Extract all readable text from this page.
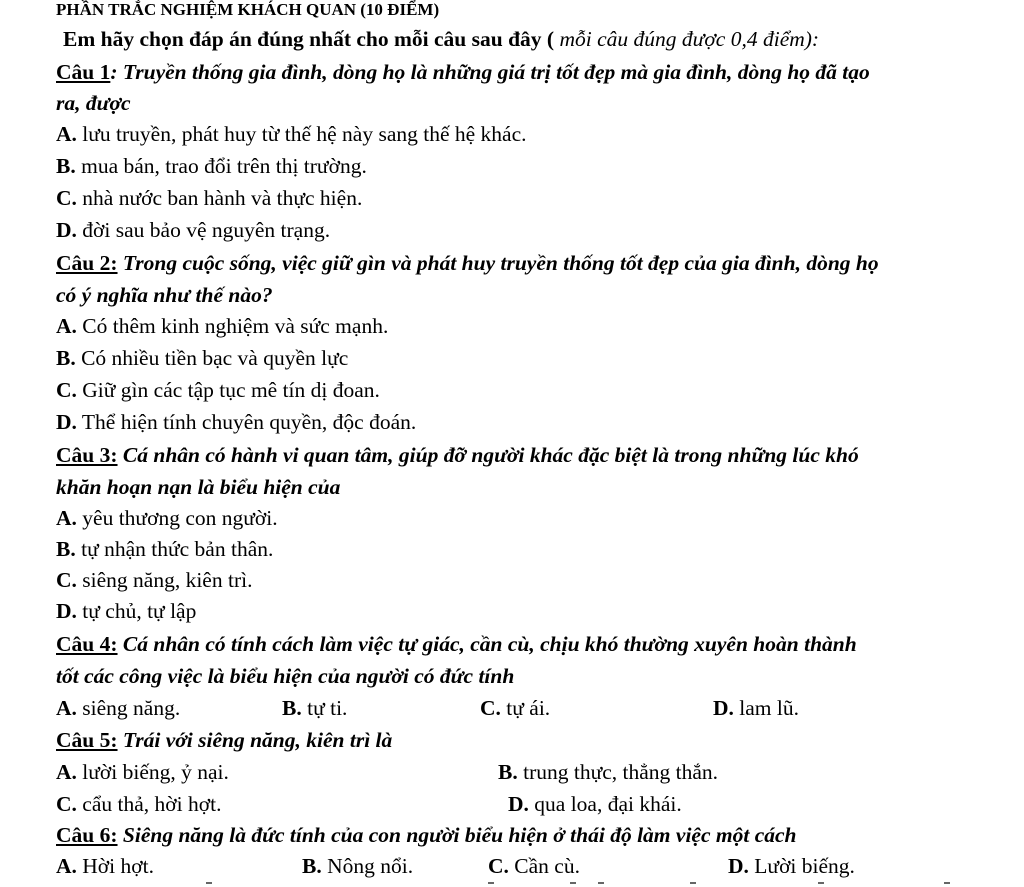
PHẦN TRẮC NGHIỆM KHÁCH QUAN (10 ĐIỂM)
Em hãy chọn đáp án đúng nhất cho mỗi câu sau đây ( mỗi câu đúng được 0,4 điểm):
Câu 1: Truyền thống gia đình, dòng họ là những giá trị tốt đẹp mà gia đình, dòng họ đã tạo
ra, được
A. lưu truyền, phát huy từ thế hệ này sang thế hệ khác.
B. mua bán, trao đổi trên thị trường.
C. nhà nước ban hành và thực hiện.
D. đời sau bảo vệ nguyên trạng.
Câu 2: Trong cuộc sống, việc giữ gìn và phát huy truyền thống tốt đẹp của gia đình, dòng họ
có ý nghĩa như thế nào?
A. Có thêm kinh nghiệm và sức mạnh.
B. Có nhiều tiền bạc và quyền lực
C. Giữ gìn các tập tục mê tín dị đoan.
D. Thể hiện tính chuyên quyền, độc đoán.
Câu 3: Cá nhân có hành vi quan tâm, giúp đỡ người khác đặc biệt là trong những lúc khó
khăn hoạn nạn là biểu hiện của
A. yêu thương con người.
B. tự nhận thức bản thân.
C. siêng năng, kiên trì.
D. tự chủ, tự lập
Câu 4: Cá nhân có tính cách làm việc tự giác, cần cù, chịu khó thường xuyên hoàn thành
tốt các công việc là biểu hiện của người có đức tính
A. siêng năng.	B. tự ti.	C. tự ái.	D. lam lũ.
Câu 5: Trái với siêng năng, kiên trì là
A. lười biếng, ỷ nại.	B. trung thực, thẳng thắn.
C. cẩu thả, hời hợt.	D. qua loa, đại khái.
Câu 6: Siêng năng là đức tính của con người biểu hiện ở thái độ làm việc một cách
A. Hời hợt.	B. Nông nổi.	C. Cần cù.	D. Lười biếng.
